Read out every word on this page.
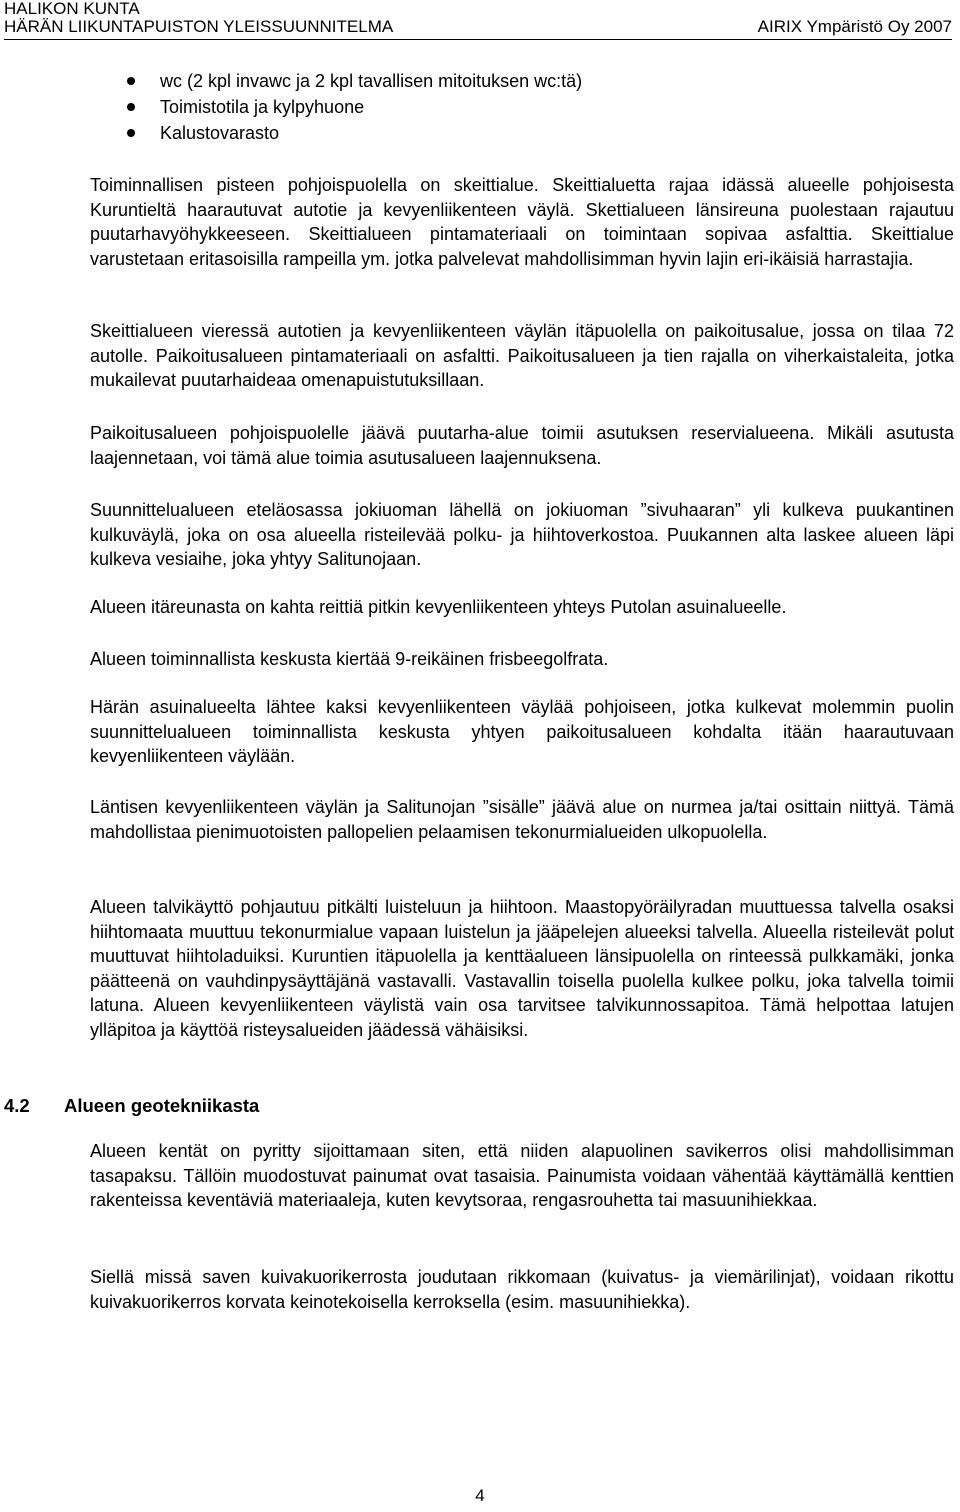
HALIKON KUNTA
HÄRÄN LIIKUNTAPUISTON YLEISSUUNNITELMA	AIRIX Ympäristö Oy 2007
wc (2 kpl invawc ja 2 kpl tavallisen mitoituksen wc:tä)
Toimistotila ja kylpyhuone
Kalustovarasto

Toiminnallisen pisteen pohjoispuolella on skeittialue. Skeittialuetta rajaa idässä alueelle pohjoisesta Kuruntieltä haarautuvat autotie ja kevyenliikenteen väylä. Skettialueen länsireuna puolestaan rajautuu puutarhavyöhykkeeseen. Skeittialueen pintamateriaali on toimintaan sopivaa asfalttia. Skeittialue varustetaan eritasoisilla rampeilla ym. jotka palvelevat mahdollisimman hyvin lajin eri-ikäisiä harrastajia.

Skeittialueen vieressä autotien ja kevyenliikenteen väylän itäpuolella on paikoitusalue, jossa on tilaa 72 autolle. Paikoitusalueen pintamateriaali on asfaltti. Paikoitusalueen ja tien rajalla on viherkaistaleita, jotka mukailevat puutarhaideaa omenapuistutuksillaan.

Paikoitusalueen pohjoispuolelle jäävä puutarha-alue toimii asutuksen reservialueena. Mikäli asutusta laajennetaan, voi tämä alue toimia asutusalueen laajennuksena.

Suunnittelualueen eteläosassa jokiuoman lähellä on jokiuoman ”sivuhaaran” yli kulkeva puukantinen kulkuväylä, joka on osa alueella risteilevää polku- ja hiihtoverkostoa. Puukannen alta laskee alueen läpi kulkeva vesiaihe, joka yhtyy Salitunojaan.

Alueen itäreunasta on kahta reittiä pitkin kevyenliikenteen yhteys Putolan asuinalueelle.

Alueen toiminnallista keskusta kiertää 9-reikäinen frisbeegolfrata.

Härän asuinalueelta lähtee kaksi kevyenliikenteen väylää pohjoiseen, jotka kulkevat molemmin puolin suunnittelualueen toiminnallista keskusta yhtyen paikoitusalueen kohdalta itään haarautuvaan kevyenliikenteen väylään.

Läntisen kevyenliikenteen väylän ja Salitunojan ”sisälle” jäävä alue on nurmea ja/tai osittain niittyä. Tämä mahdollistaa pienimuotoisten pallopelien pelaamisen tekonurmialueiden ulkopuolella.

Alueen talvikäyttö pohjautuu pitkälti luisteluun ja hiihtoon. Maastopyöräilyradan muuttuessa talvella osaksi hiihtomaata muuttuu tekonurmialue vapaan luistelun ja jääpelejen alueeksi talvella. Alueella risteilevät polut muuttuvat hiihtoladuiksi. Kuruntien itäpuolella ja kenttäalueen länsipuolella on rinteessä pulkkamäki, jonka päätteenä on vauhdinpysäyttäjänä vastavalli. Vastavallin toisella puolella kulkee polku, joka talvella toimii latuna. Alueen kevyenliikenteen väylistä vain osa tarvitsee talvikunnossapitoa. Tämä helpottaa latujen ylläpitoa ja käyttöä risteysalueiden jäädessä vähäisiksi.

4.2 Alueen geotekniikasta

Alueen kentät on pyritty sijoittamaan siten, että niiden alapuolinen savikerros olisi mahdollisimman tasapaksu. Tällöin muodostuvat painumat ovat tasaisia. Painumista voidaan vähentää käyttämällä kenttien rakenteissa keventäviä materiaaleja, kuten kevytsoraa, rengasrouhetta tai masuunihiekkaa.

Siellä missä saven kuivakuorikerrosta joudutaan rikkomaan (kuivatus- ja viemärilinjat), voidaan rikottu kuivakuorikerros korvata keinotekoisella kerroksella (esim. masuunihiekka).

4
